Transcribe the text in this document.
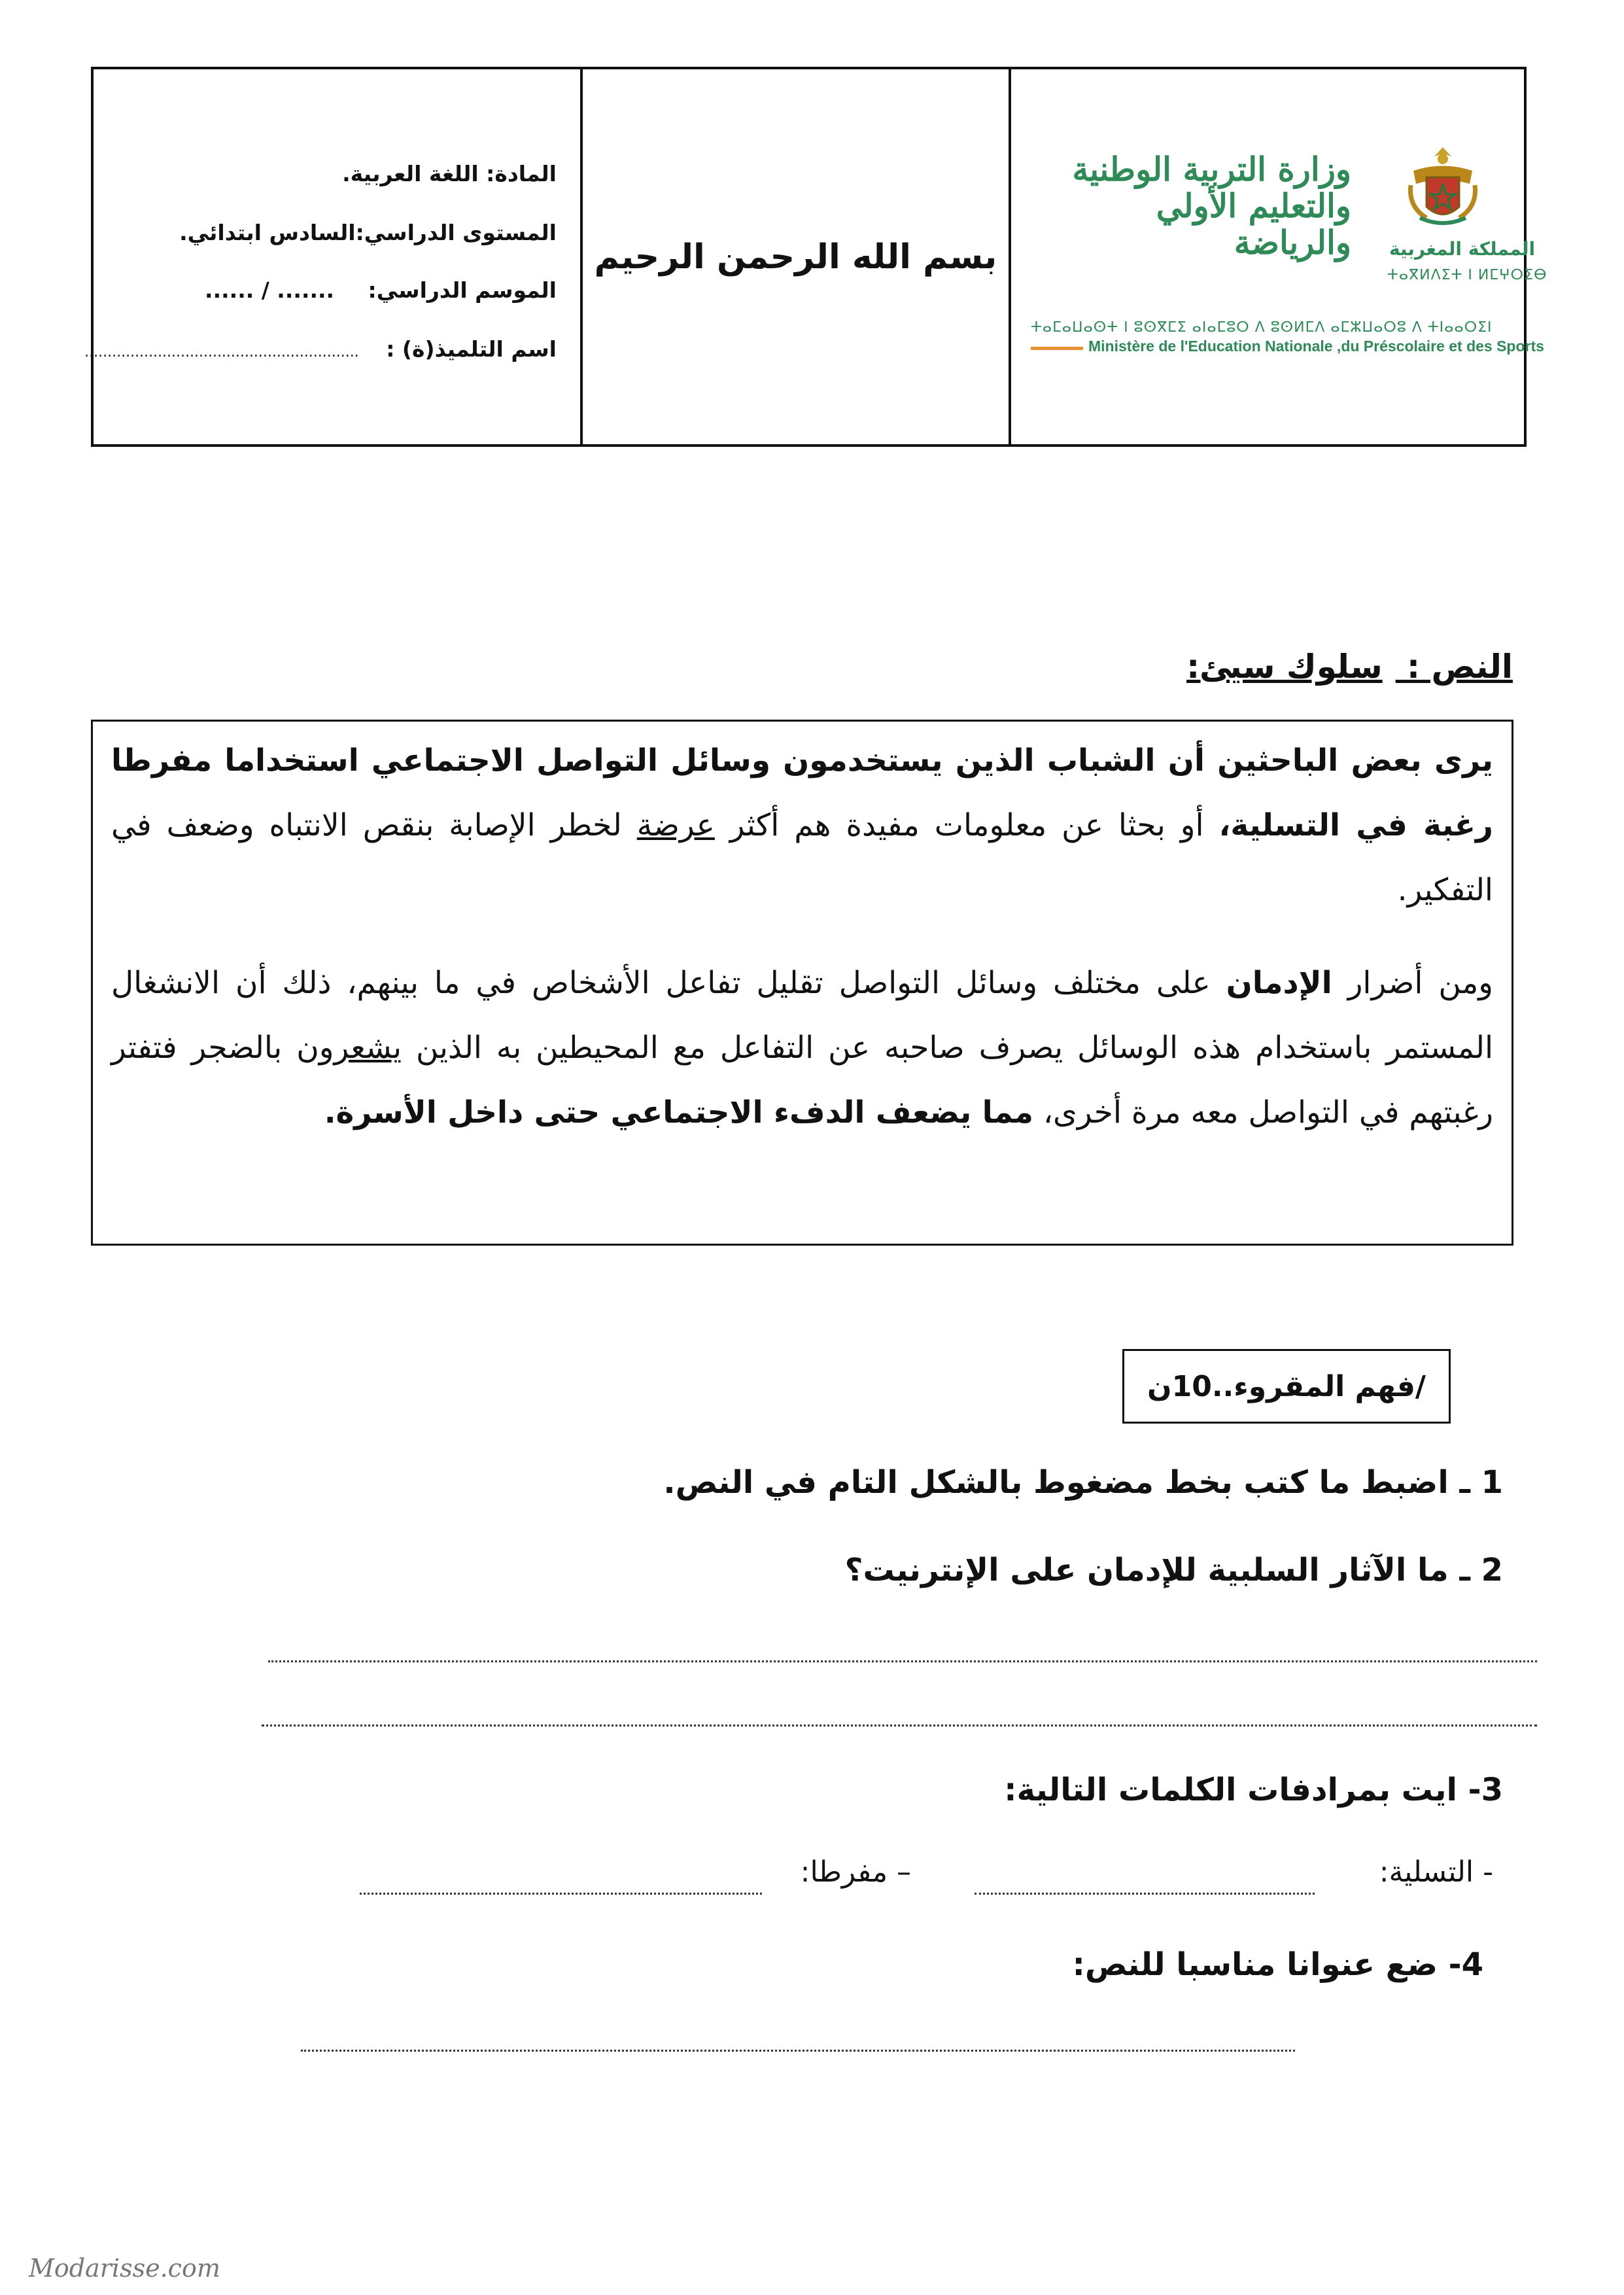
المادة: اللغة العربية.
المستوى الدراسي:السادس ابتدائي.
الموسم الدراسي: ....... / ......
اسم التلميذ(ة) : ............................................................
بسم الله الرحمن الرحيم
وزارة التربية الوطنية
والتعليم الأولي
والرياضة المملكة المغربية
ⵜⴰⴳⵍⴷⵉⵜ ⵏ ⵍⵎⵖⵔⵉⴱ
ⵜⴰⵎⴰⵡⴰⵙⵜ ⵏ ⵓⵙⴳⵎⵉ ⴰⵏⴰⵎⵓⵔ ⴷ ⵓⵙⵍⵎⴷ ⴰⵎⵣⵡⴰⵔⵓ ⴷ ⵜⵏⴰⴰⵔⵉⵏ
Ministère de l'Education Nationale ,du Préscolaire et des Sports
النص : سلوك سيئ:
يرى بعض الباحثين أن الشباب الذين يستخدمون وسائل التواصل الاجتماعي استخداما مفرطا رغبة في التسلية، أو بحثا عن معلومات مفيدة هم أكثر عرضة لخطر الإصابة بنقص الانتباه وضعف في التفكير.
ومن أضرار الإدمان على مختلف وسائل التواصل تقليل تفاعل الأشخاص في ما بينهم، ذلك أن الانشغال المستمر باستخدام هذه الوسائل يصرف صاحبه عن التفاعل مع المحيطين به الذين يشعرون بالضجر فتفتر رغبتهم في التواصل معه مرة أخرى، مما يضعف الدفء الاجتماعي حتى داخل الأسرة.
/فهم المقروء..10ن
1 ـ اضبط ما كتب بخط مضغوط بالشكل التام في النص.
2 ـ ما الآثار السلبية للإدمان على الإنترنيت؟
3- ايت بمرادفات الكلمات التالية:
- التسلية:
– مفرطا:
4- ضع عنوانا مناسبا للنص:
Modarisse.com
